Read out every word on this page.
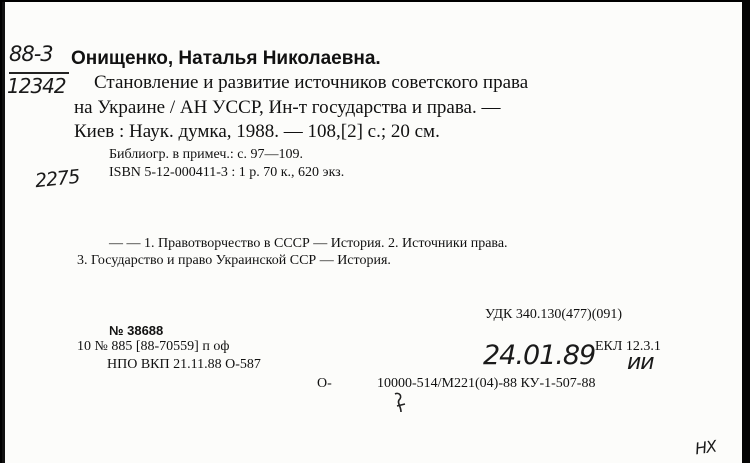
88-3
12342
2275
Онищенко, Наталья Николаевна.
Становление и развитие источников советского права
на Украине / АН УССР, Ин-т государства и права. —
Киев : Наук. думка, 1988. — 108,[2] с.; 20 см.
Библиогр. в примеч.: с. 97—109.
ISBN 5-12-000411-3 : 1 р. 70 к., 620 экз.
— — 1. Правотворчество в СССР — История. 2. Источники права.
3. Государство и право Украинской ССР — История.
УДК 340.130(477)(091)
№ 38688
10 № 885 [88-70559] п оф
НПО ВКП 21.11.88 О-587
ЕКЛ 12.3.1
24.01.89 ии
О-	10000-514/М221(04)-88 КУ-1-507-88
НХ
